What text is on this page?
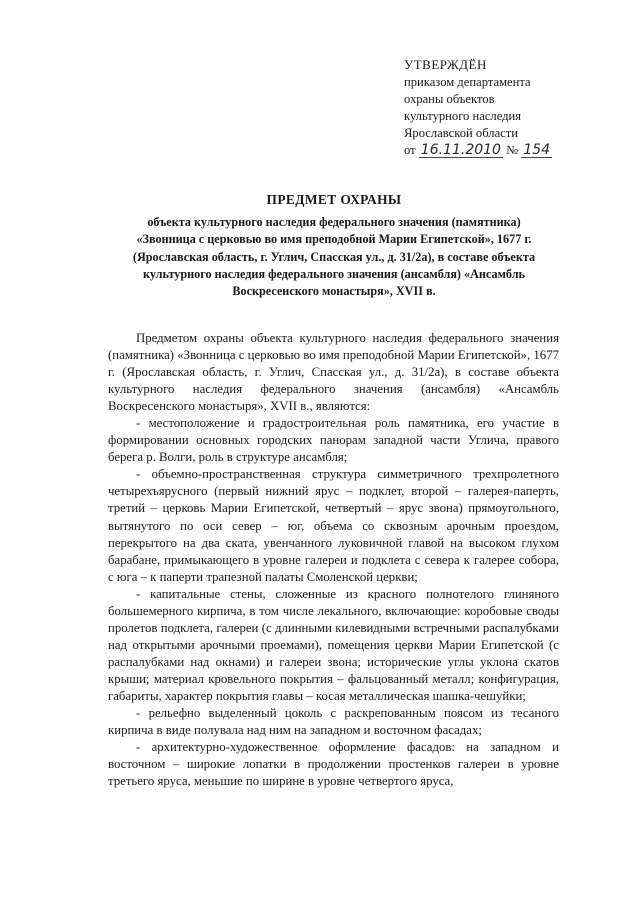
УТВЕРЖДЁН
приказом департамента
охраны объектов
культурного наследия
Ярославской области
от 16.11.2010 № 154
ПРЕДМЕТ ОХРАНЫ
объекта культурного наследия федерального значения (памятника)
«Звонница с церковью во имя преподобной Марии Египетской», 1677 г.
(Ярославская область, г. Углич, Спасская ул., д. 31/2а), в составе объекта
культурного наследия федерального значения (ансамбля) «Ансамбль
Воскресенского монастыря», XVII в.

Предметом охраны объекта культурного наследия федерального значения (памятника) «Звонница с церковью во имя преподобной Марии Египетской», 1677 г. (Ярославская область, г. Углич, Спасская ул., д. 31/2а), в составе объекта культурного наследия федерального значения (ансамбля) «Ансамбль Воскресенского монастыря», XVII в., являются:

- местоположение и градостроительная роль памятника, его участие в формировании основных городских панорам западной части Углича, правого берега р. Волги, роль в структуре ансамбля;

- объемно-пространственная структура симметричного трехпролетного четырехъярусного (первый нижний ярус – подклет, второй – галерея-паперть, третий – церковь Марии Египетской, четвертый – ярус звона) прямоугольного, вытянутого по оси север – юг, объема со сквозным арочным проездом, перекрытого на два ската, увенчанного луковичной главой на высоком глухом барабане, примыкающего в уровне галереи и подклета с севера к галерее собора, с юга – к паперти трапезной палаты Смоленской церкви;

- капитальные стены, сложенные из красного полнотелого глиняного большемерного кирпича, в том числе лекального, включающие: коробовые своды пролетов подклета, галереи (с длинными килевидными встречными распалубками над открытыми арочными проемами), помещения церкви Марии Египетской (с распалубками над окнами) и галереи звона; исторические углы уклона скатов крыши; материал кровельного покрытия – фальцованный металл; конфигурация, габариты, характер покрытия главы – косая металлическая шашка-чешуйки;

- рельефно выделенный цоколь с раскрепованным поясом из тесаного кирпича в виде полувала над ним на западном и восточном фасадах;

- архитектурно-художественное оформление фасадов: на западном и восточном – широкие лопатки в продолжении простенков галереи в уровне третьего яруса, меньшие по ширине в уровне четвертого яруса,
